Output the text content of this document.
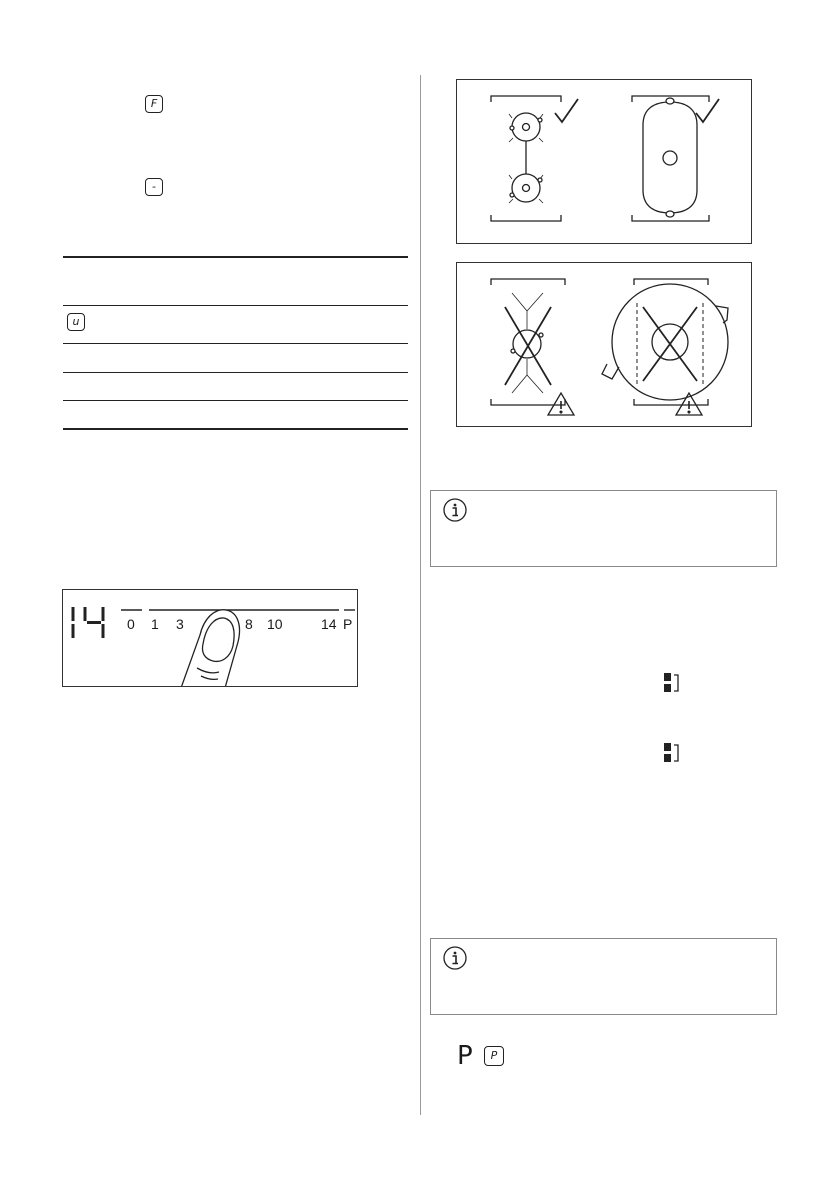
F
-
u
0 1 3	8 10	14 P
P	P
